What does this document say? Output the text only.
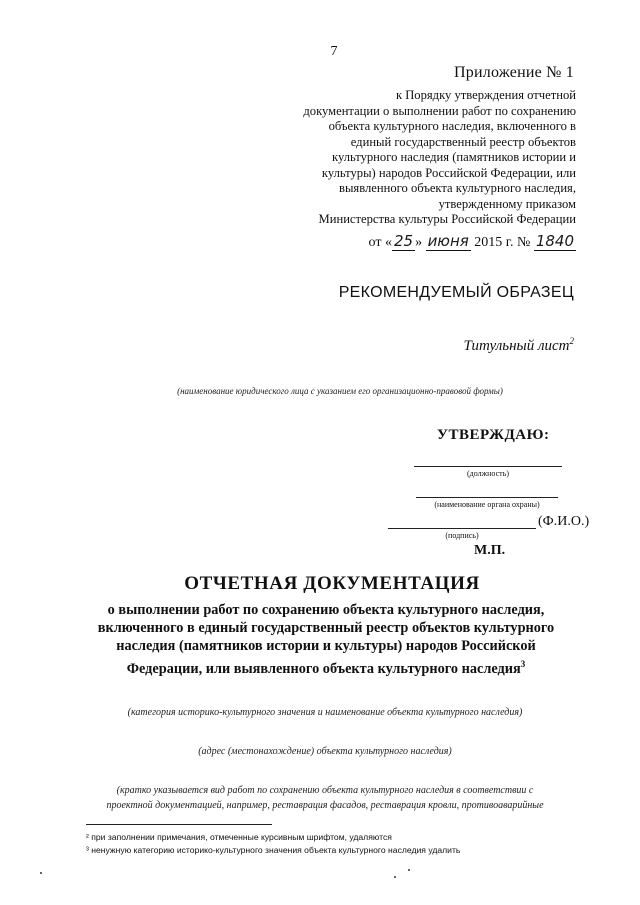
7
Приложение № 1
к Порядку утверждения отчетной
документации о выполнении работ по сохранению
объекта культурного наследия, включенного в
единый государственный реестр объектов
культурного наследия (памятников истории и
культуры) народов Российской Федерации, или
выявленного объекта культурного наследия,
утвержденному приказом
Министерства культуры Российской Федерации
от « 25 » июня 2015 г. № 1840
РЕКОМЕНДУЕМЫЙ ОБРАЗЕЦ
Титульный лист$^2$
(наименование юридического лица с указанием его организационно-правовой формы)
УТВЕРЖДАЮ:
(должность)
(наименование органа охраны)
(подпись)
(Ф.И.О.)
М.П.
ОТЧЕТНАЯ ДОКУМЕНТАЦИЯ
о выполнении работ по сохранению объекта культурного наследия,
включенного в единый государственный реестр объектов культурного
наследия (памятников истории и культуры) народов Российской
Федерации, или выявленного объекта культурного наследия$^3$
(категория историко-культурного значения и наименование объекта культурного наследия)
(адрес (местонахождение) объекта культурного наследия)
(кратко указывается вид работ по сохранению объекта культурного наследия в соответствии с
проектной документацией, например, реставрация фасадов, реставрация кровли, противоаварийные
² при заполнении примечания, отмеченные курсивным шрифтом, удаляются
³ ненужную категорию историко-культурного значения объекта культурного наследия удалить
